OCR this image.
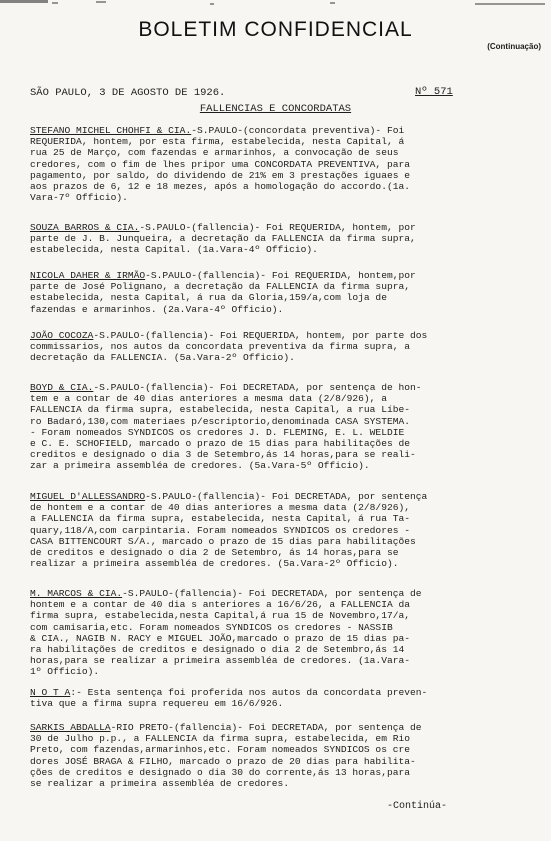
BOLETIM CONFIDENCIAL
(Continuação)
SÃO PAULO, 3 DE AGOSTO DE 1926.	Nº 571
FALLENCIAS E CONCORDATAS
STEFANO MICHEL CHOHFI & CIA.-S.PAULO-(concordata preventiva)- Foi
REQUERIDA, hontem, por esta firma, estabelecida, nesta Capital, á
rua 25 de Março, com fazendas e armarinhos, a convocação de seus
credores, com o fim de lhes pripor uma CONCORDATA PREVENTIVA, para
pagamento, por saldo, do dividendo de 21% em 3 prestações iguaes e
aos prazos de 6, 12 e 18 mezes, após a homologação do accordo.(1a.
Vara-7º Officio).
SOUZA BARROS & CIA.-S.PAULO-(fallencia)- Foi REQUERIDA, hontem, por
parte de J. B. Junqueira, a decretação da FALLENCIA da firma supra,
estabelecida, nesta Capital. (1a.Vara-4º Officio).
NICOLA DAHER & IRMÃO-S.PAULO-(fallencia)- Foi REQUERIDA, hontem,por
parte de José Polignano, a decretação da FALLENCIA da firma supra,
estabelecida, nesta Capital, á rua da Gloria,159/a,com loja de
fazendas e armarinhos. (2a.Vara-4º Officio).
JOÃO COCOZA-S.PAULO-(fallencia)- Foi REQUERIDA, hontem, por parte dos
commissarios, nos autos da concordata preventiva da firma supra, a
decretação da FALLENCIA. (5a.Vara-2º Officio).
BOYD & CIA.-S.PAULO-(fallencia)- Foi DECRETADA, por sentença de hon-
tem e a contar de 40 dias anteriores a mesma data (2/8/926), a
FALLENCIA da firma supra, estabelecida, nesta Capital, a rua Líbe-
ro Badaró,130,com materiaes p/escriptorio,denominada CASA SYSTEMA.
- Foram nomeados SYNDICOS os credores J. D. FLEMING, E. L. WELDIE
e C. E. SCHOFIELD, marcado o prazo de 15 dias para habilitações de
creditos e designado o dia 3 de Setembro,ás 14 horas,para se reali-
zar a primeira assembléa de credores. (5a.Vara-5º Officio).
MIGUEL D'ALLESSANDRO-S.PAULO-(fallencia)- Foi DECRETADA, por sentença
de hontem e a contar de 40 dias anteriores a mesma data (2/8/926),
a FALLENCIA da firma supra, estabelecida, nesta Capital, á rua Ta-
quary,118/A,com carpintaria. Foram nomeados SYNDICOS os credores -
CASA BITTENCOURT S/A., marcado o prazo de 15 dias para habilitações
de creditos e designado o dia 2 de Setembro, ás 14 horas,para se
realizar a primeira assembléa de credores. (5a.Vara-2º Officio).
M. MARCOS & CIA.-S.PAULO-(fallencia)- Foi DECRETADA, por sentença de
hontem e a contar de 40 dia s anteriores a 16/6/26, a FALLENCIA da
firma supra, estabelecida,nesta Capital,á rua 15 de Novembro,17/a,
com camisaria,etc. Foram nomeados SYNDICOS os credores - NASSIB
& CIA., NAGIB N. RACY e MIGUEL JOÃO,marcado o prazo de 15 dias pa-
ra habilitações de creditos e designado o dia 2 de Setembro,ás 14
horas,para se realizar a primeira assembléa de credores. (1a.Vara-
1º Officio).
N O T A:- Esta sentença foi proferida nos autos da concordata preven-
tiva que a firma supra requereu em 16/6/926.
SARKIS ABDALLA-RIO PRETO-(fallencia)- Foi DECRETADA, por sentença de
30 de Julho p.p., a FALLENCIA da firma supra, estabelecida, em Rio
Preto, com fazendas,armarinhos,etc. Foram nomeados SYNDICOS os cre
dores JOSÉ BRAGA & FILHO, marcado o prazo de 20 dias para habilita-
ções de creditos e designado o dia 30 do corrente,ás 13 horas,para
se realizar a primeira assembléa de credores.
-Continúa-
